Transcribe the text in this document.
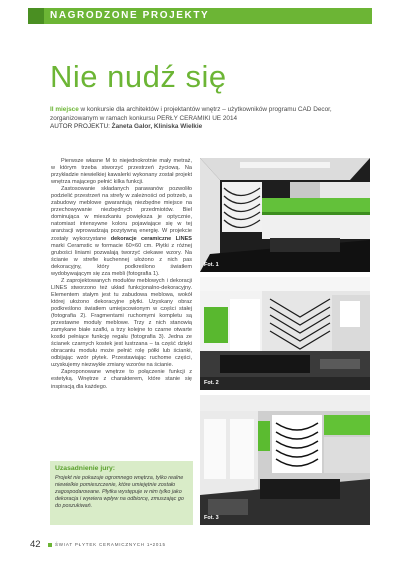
NAGRODZONE PROJEKTY
Nie nudź się
II miejsce w konkursie dla architektów i projektantów wnętrz – użytkowników programu CAD Decor, zorganizowanym w ramach konkursu PERŁY CERAMIKI UE 2014
AUTOR PROJEKTU: Żaneta Galor, Kliniska Wielkie

Pierwsze własne M to niejednokrotnie mały metraż, w którym trzeba stworzyć przestrzeń życiową. Na przykładzie niewielkiej kawalerki wykonany został projekt wnętrza mającego pełnić kilka funkcji.

Zastosowanie składanych parawanów pozwoliło podzielić przestrzeń na strefy w zależności od potrzeb, a zabudowy meblowe gwarantują niezbędne miejsce na przechowywanie niezbędnych przedmiotów. Biel dominująca w mieszkaniu powiększa je optycznie, natomiast intensywne koloru pojawiające się w tej aranżacji wprowadzają pozytywną energię. W projekcie zostały wykorzystane dekoracje ceramiczne LINES marki Ceramstic w formacie 60×60 cm. Płytki z różnej grubości liniami pozwalają tworzyć ciekawe wzory. Na ścianie w strefie kuchennej ułożono z nich pas dekoracyjny, który podkreślono światłem wydobywającym się zza mebli (fotografia 1).

Z zaprojektowanych modułów meblowych i dekoracji LINES stworzono też układ funkcjonalno-dekoracyjny. Elementem stałym jest tu zabudowa meblowa, wokół której ułożono dekoracyjne płytki. Uzyskany obraz podkreślono światłem umiejscowionym w części stałej (fotografia 2). Fragmentami ruchomymi kompletu są przestawne moduły meblowe. Trzy z nich stanowią zamykane białe szafki, a trzy kolejne to czarne otwarte kostki pełniące funkcję regału (fotografia 3). Jedna ze ścianek czarnych kostek jest lustrzana – ta część dzięki obracaniu modułu może pełnić rolę półki lub ścianki, odbijając wzór płytek. Przestawiając ruchome części, uzyskujemy niezwykłe zmiany wzorów na ścianie.

Zaproponowane wnętrze to połączenie funkcji z estetyką. Wnętrze z charakterem, które stanie się inspiracją dla każdego.

Uzasadnienie jury:
Projekt nie pokazuje ogromnego wnętrza, tylko realne niewielkie pomieszczenie, które umiejętnie zostało zagospodarowane. Płytka występuje w nim tylko jako dekoracja i wywiera wpływ na odbiorcę, zmuszając go do poszukiwań.
Fot. 1
Fot. 2
Fot. 3
42	ŚWIAT PŁYTEK CERAMICZNYCH 1•2015
